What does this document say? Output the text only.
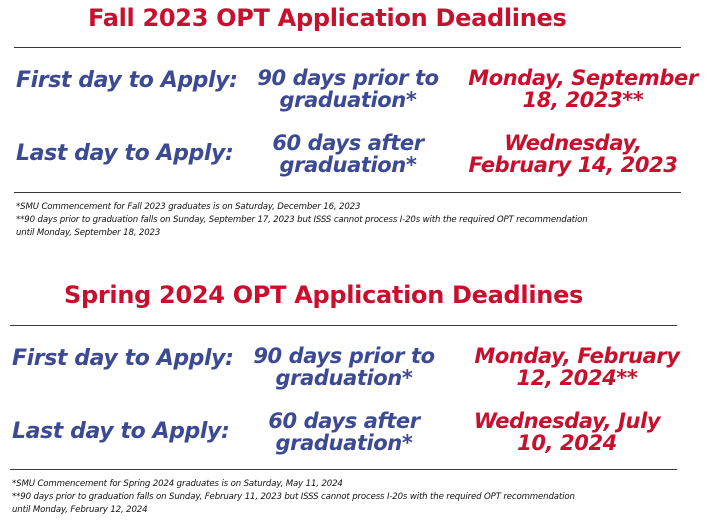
Fall 2023 OPT Application Deadlines
First day to Apply: 90 days prior to
graduation*
Monday, September
18, 2023**
Last day to Apply:	60 days after
graduation*
Wednesday,
February 14, 2023
*SMU Commencement for Fall 2023 graduates is on Saturday, December 16, 2023
**90 days prior to graduation falls on Sunday, September 17, 2023 but ISSS cannot process I-20s with the required OPT recommendation
until Monday, September 18, 2023
Spring 2024 OPT Application Deadlines
First day to Apply: 90 days prior to
graduation*
Monday, February
12, 2024**
Last day to Apply:	60 days after
graduation*
Wednesday, July
10, 2024
*SMU Commencement for Spring 2024 graduates is on Saturday, May 11, 2024
**90 days prior to graduation falls on Sunday, February 11, 2023 but ISSS cannot process I-20s with the required OPT recommendation
until Monday, February 12, 2024
